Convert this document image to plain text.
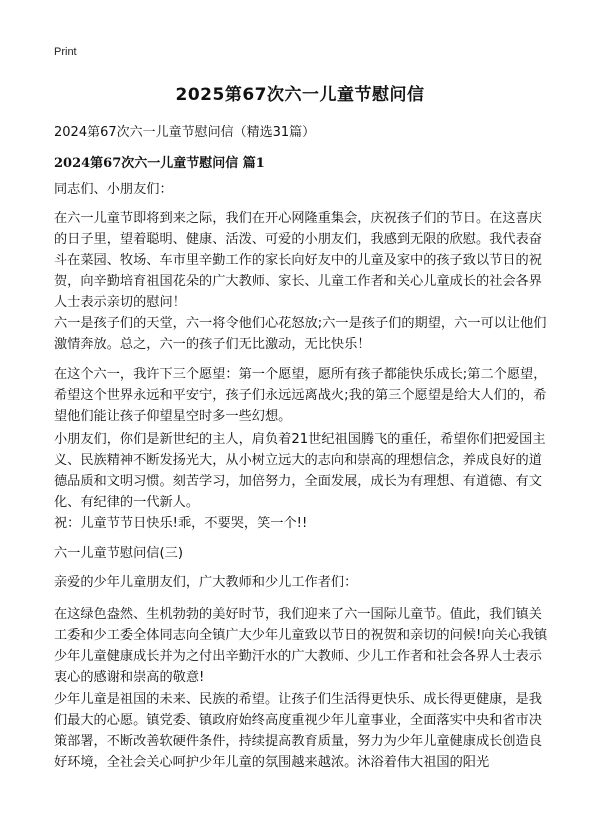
Print
2025第67次六一儿童节慰问信
2024第67次六一儿童节慰问信（精选31篇）
2024第67次六一儿童节慰问信 篇1

同志们、小朋友们：

在六一儿童节即将到来之际，我们在开心网隆重集会，庆祝孩子们的节日。在这喜庆的日子里，望着聪明、健康、活泼、可爱的小朋友们，我感到无限的欣慰。我代表奋斗在菜园、牧场、车市里辛勤工作的家长向好友中的儿童及家中的孩子致以节日的祝贺，向辛勤培育祖国花朵的广大教师、家长、儿童工作者和关心儿童成长的社会各界人士表示亲切的慰问！

六一是孩子们的天堂，六一将令他们心花怒放;六一是孩子们的期望，六一可以让他们激情奔放。总之，六一的孩子们无比激动，无比快乐！

在这个六一，我许下三个愿望：第一个愿望，愿所有孩子都能快乐成长;第二个愿望，希望这个世界永远和平安宁，孩子们永远远离战火;我的第三个愿望是给大人们的，希望他们能让孩子仰望星空时多一些幻想。

小朋友们，你们是新世纪的主人，肩负着21世纪祖国腾飞的重任，希望你们把爱国主义、民族精神不断发扬光大，从小树立远大的志向和崇高的理想信念，养成良好的道德品质和文明习惯。刻苦学习，加倍努力，全面发展，成长为有理想、有道德、有文化、有纪律的一代新人。

祝：儿童节节日快乐!乖，不要哭，笑一个!!

六一儿童节慰问信(三)

亲爱的少年儿童朋友们，广大教师和少儿工作者们：

在这绿色盎然、生机勃勃的美好时节，我们迎来了六一国际儿童节。值此，我们镇关工委和少工委全体同志向全镇广大少年儿童致以节日的祝贺和亲切的问候!向关心我镇少年儿童健康成长并为之付出辛勤汗水的广大教师、少儿工作者和社会各界人士表示衷心的感谢和崇高的敬意!

少年儿童是祖国的未来、民族的希望。让孩子们生活得更快乐、成长得更健康，是我们最大的心愿。镇党委、镇政府始终高度重视少年儿童事业，全面落实中央和省市决策部署，不断改善软硬件条件，持续提高教育质量，努力为少年儿童健康成长创造良好环境，全社会关心呵护少年儿童的氛围越来越浓。沐浴着伟大祖国的阳光
